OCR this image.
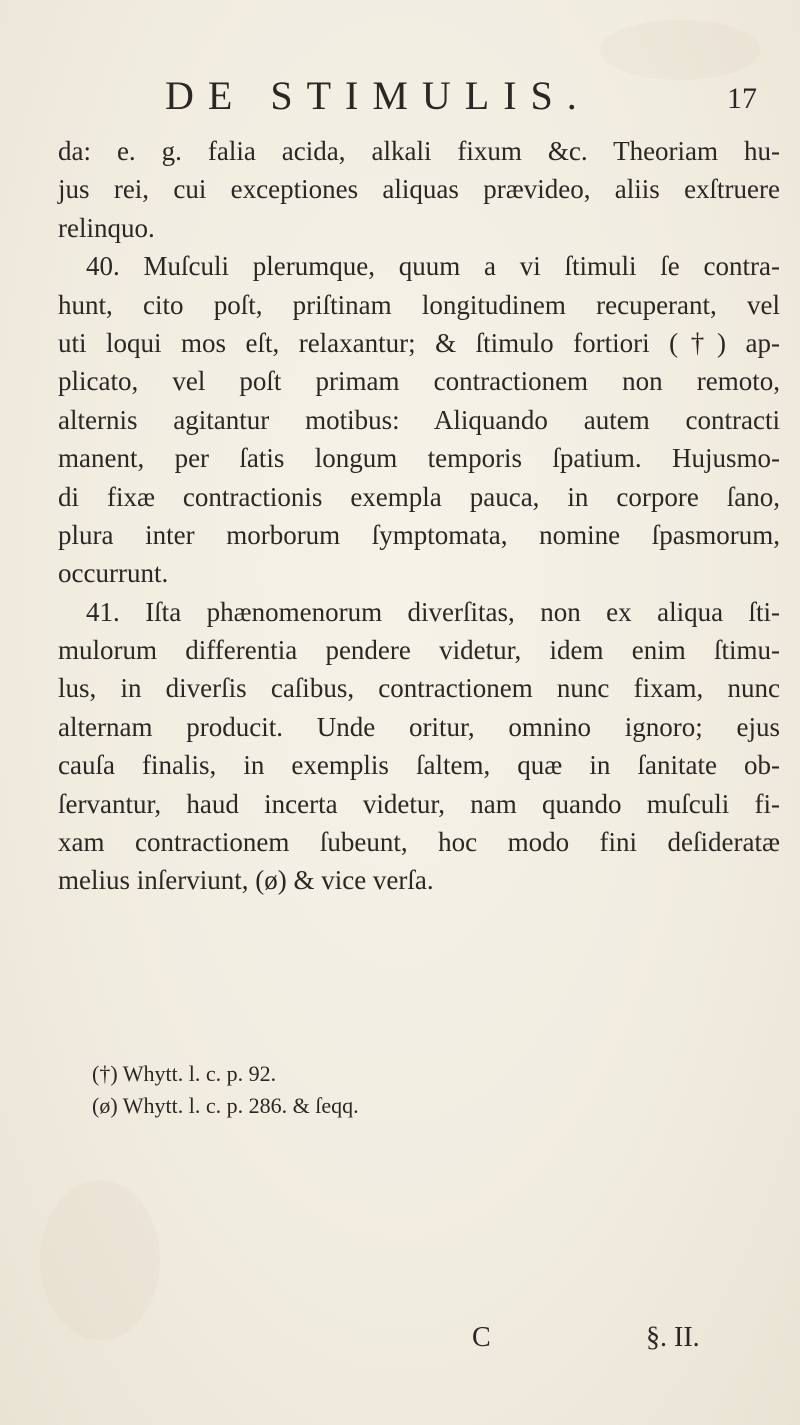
DE STIMULIS.	17
da: e. g. falia acida, alkali fixum &c. Theoriam hu-
jus rei, cui exceptiones aliquas prævideo, aliis exſtruere
relinquo.
40. Muſculi plerumque, quum a vi ſtimuli ſe contra-
hunt, cito poſt, priſtinam longitudinem recuperant, vel
uti loqui mos eſt, relaxantur; & ſtimulo fortiori (†) ap-
plicato, vel poſt primam contractionem non remoto,
alternis agitantur motibus: Aliquando autem contracti
manent, per ſatis longum temporis ſpatium. Hujusmo-
di fixæ contractionis exempla pauca, in corpore ſano,
plura inter morborum ſymptomata, nomine ſpasmorum,
occurrunt.
41. Iſta phænomenorum diverſitas, non ex aliqua ſti-
mulorum differentia pendere videtur, idem enim ſtimu-
lus, in diverſis caſibus, contractionem nunc fixam, nunc
alternam producit. Unde oritur, omnino ignoro; ejus
cauſa finalis, in exemplis ſaltem, quæ in ſanitate ob-
ſervantur, haud incerta videtur, nam quando muſculi fi-
xam contractionem ſubeunt, hoc modo fini deſideratæ
melius inſerviunt, (ø) & vice verſa.
(†) Whytt. l. c. p. 92.
(ø) Whytt. l. c. p. 286. & ſeqq.
C	§. II.
